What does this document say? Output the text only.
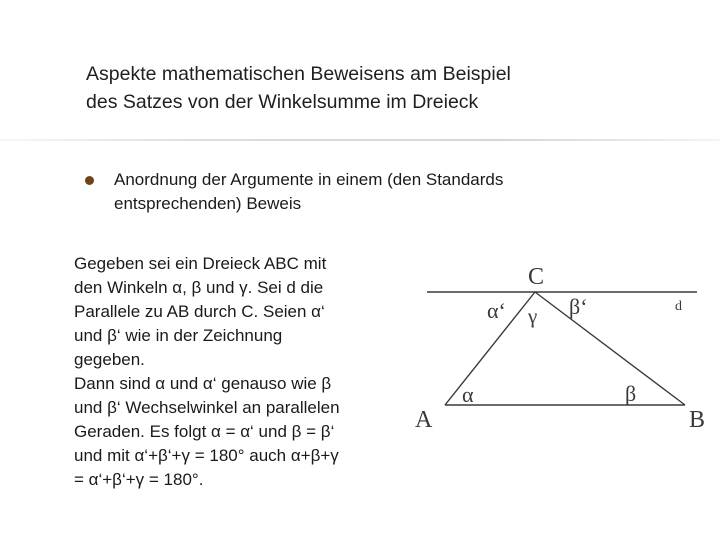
Aspekte mathematischen Beweisens am Beispiel
des Satzes von der Winkelsumme im Dreieck
Anordnung der Argumente in einem (den Standards
entsprechenden) Beweis
Gegeben sei ein Dreieck ABC mit
den Winkeln α, β und γ. Sei d die
Parallele zu AB durch C. Seien α‘
und β‘ wie in der Zeichnung
gegeben.
Dann sind α und α‘ genauso wie β
und β‘ Wechselwinkel an parallelen
Geraden. Es folgt α = α‘ und β = β‘
und mit α‘+β‘+γ = 180° auch α+β+γ
= α‘+β‘+γ = 180°.
C
d
α‘	β‘
γ
α	β
A	B
